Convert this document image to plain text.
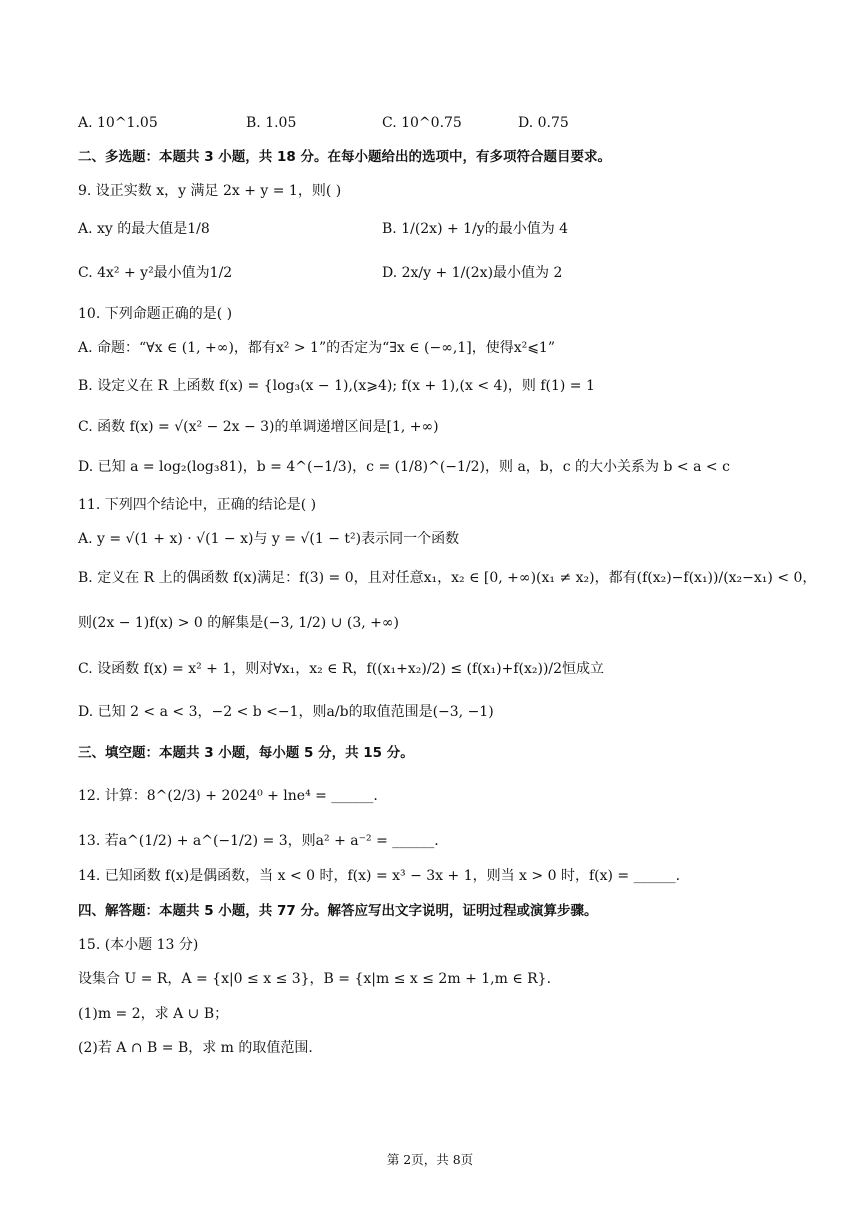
A. 10^1.05	B. 1.05	C. 10^0.75	D. 0.75
二、多选题：本题共 3 小题，共 18 分。在每小题给出的选项中，有多项符合题目要求。
9. 设正实数 x，y 满足 2x + y = 1，则( )
A. xy 的最大值是1/8	B. 1/(2x) + 1/y的最小值为 4
C. 4x² + y²最小值为1/2	D. 2x/y + 1/(2x)最小值为 2
10. 下列命题正确的是( )
A. 命题：“∀x ∈ (1, +∞)，都有x² > 1”的否定为“∃x ∈ (−∞,1]，使得x²⩽1”
B. 设定义在 R 上函数 f(x) = {log₃(x − 1),(x⩾4); f(x + 1),(x < 4)，则 f(1) = 1
C. 函数 f(x) = √(x² − 2x − 3)的单调递增区间是[1, +∞)
D. 已知 a = log₂(log₃81)，b = 4^(−1/3)，c = (1/8)^(−1/2)，则 a，b，c 的大小关系为 b < a < c
11. 下列四个结论中，正确的结论是( )
A. y = √(1 + x) · √(1 − x)与 y = √(1 − t²)表示同一个函数
B. 定义在 R 上的偶函数 f(x)满足：f(3) = 0，且对任意x₁，x₂ ∈ [0, +∞)(x₁ ≠ x₂)，都有(f(x₂)−f(x₁))/(x₂−x₁) < 0，
则(2x − 1)f(x) > 0 的解集是(−3, 1/2) ∪ (3, +∞)
C. 设函数 f(x) = x² + 1，则对∀x₁，x₂ ∈ R，f((x₁+x₂)/2) ≤ (f(x₁)+f(x₂))/2恒成立
D. 已知 2 < a < 3，−2 < b <−1，则a/b的取值范围是(−3, −1)
三、填空题：本题共 3 小题，每小题 5 分，共 15 分。
12. 计算：8^(2/3) + 2024⁰ + lne⁴ = ______.
13. 若a^(1/2) + a^(−1/2) = 3，则a² + a⁻² = ______.
14. 已知函数 f(x)是偶函数，当 x < 0 时，f(x) = x³ − 3x + 1，则当 x > 0 时，f(x) = ______.
四、解答题：本题共 5 小题，共 77 分。解答应写出文字说明，证明过程或演算步骤。
15. (本小题 13 分)
设集合 U = R，A = {x|0 ≤ x ≤ 3}，B = {x|m ≤ x ≤ 2m + 1,m ∈ R}.
(1)m = 2，求 A ∪ B；
(2)若 A ∩ B = B，求 m 的取值范围.
第 2页，共 8页
